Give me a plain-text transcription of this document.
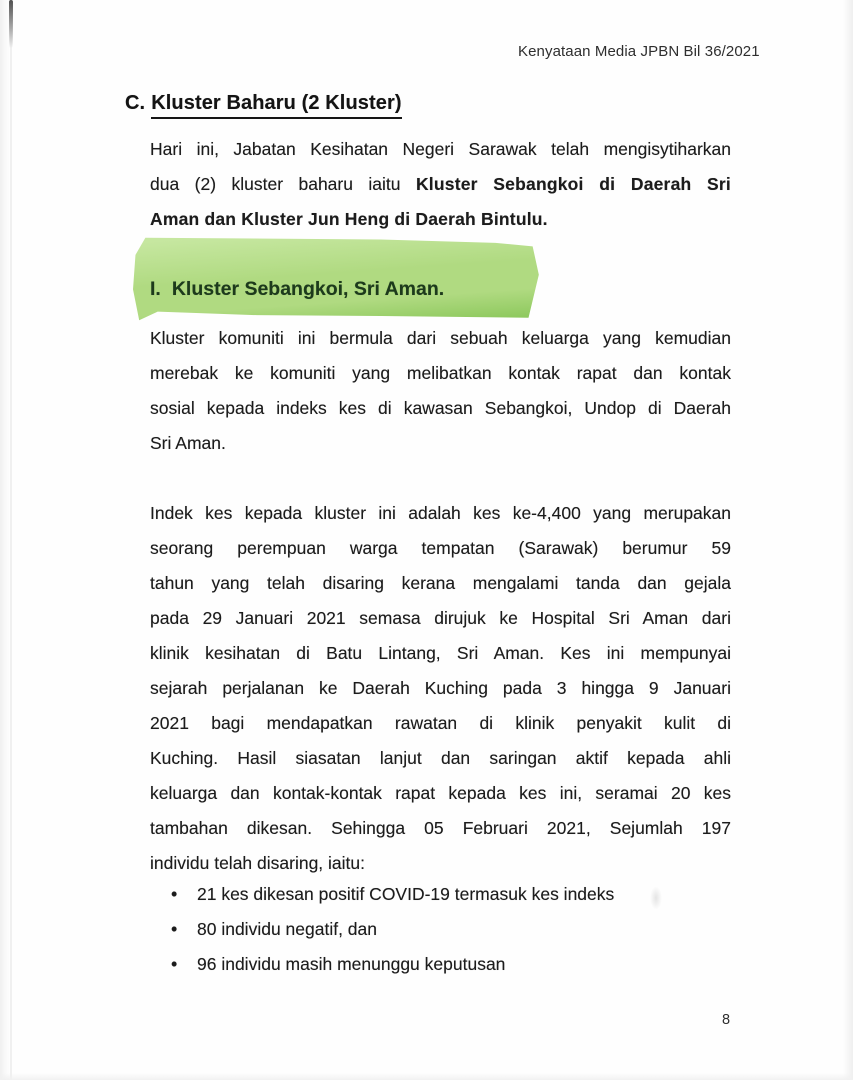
Kenyataan Media JPBN Bil 36/2021
C. Kluster Baharu (2 Kluster)
Hari ini, Jabatan Kesihatan Negeri Sarawak telah mengisytiharkan
dua (2) kluster baharu iaitu Kluster Sebangkoi di Daerah Sri
Aman dan Kluster Jun Heng di Daerah Bintulu.
I. Kluster Sebangkoi, Sri Aman.
Kluster komuniti ini bermula dari sebuah keluarga yang kemudian
merebak ke komuniti yang melibatkan kontak rapat dan kontak
sosial kepada indeks kes di kawasan Sebangkoi, Undop di Daerah
Sri Aman.
Indek kes kepada kluster ini adalah kes ke-4,400 yang merupakan
seorang perempuan warga tempatan (Sarawak) berumur 59
tahun yang telah disaring kerana mengalami tanda dan gejala
pada 29 Januari 2021 semasa dirujuk ke Hospital Sri Aman dari
klinik kesihatan di Batu Lintang, Sri Aman. Kes ini mempunyai
sejarah perjalanan ke Daerah Kuching pada 3 hingga 9 Januari
2021 bagi mendapatkan rawatan di klinik penyakit kulit di
Kuching. Hasil siasatan lanjut dan saringan aktif kepada ahli
keluarga dan kontak-kontak rapat kepada kes ini, seramai 20 kes
tambahan dikesan. Sehingga 05 Februari 2021, Sejumlah 197
individu telah disaring, iaitu:
•	21 kes dikesan positif COVID-19 termasuk kes indeks
•	80 individu negatif, dan
•	96 individu masih menunggu keputusan
8
